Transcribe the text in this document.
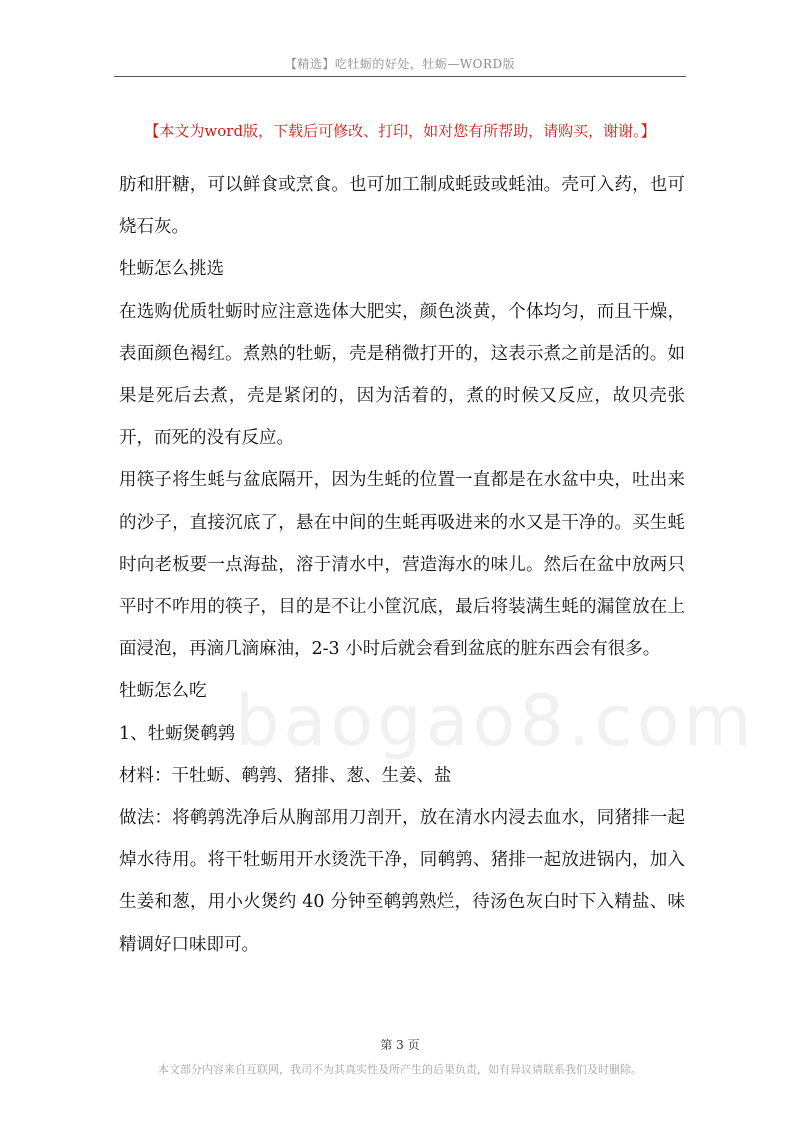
【精选】吃牡蛎的好处，牡蛎—WORD版
【本文为word版，下载后可修改、打印，如对您有所帮助，请购买，谢谢。】

肪和肝糖，可以鲜食或烹食。也可加工制成蚝豉或蚝油。壳可入药，也可烧石灰。

牡蛎怎么挑选

在选购优质牡蛎时应注意选体大肥实，颜色淡黄，个体均匀，而且干燥，表面颜色褐红。煮熟的牡蛎，壳是稍微打开的，这表示煮之前是活的。如果是死后去煮，壳是紧闭的，因为活着的，煮的时候又反应，故贝壳张开，而死的没有反应。

用筷子将生蚝与盆底隔开，因为生蚝的位置一直都是在水盆中央，吐出来的沙子，直接沉底了，悬在中间的生蚝再吸进来的水又是干净的。买生蚝时向老板要一点海盐，溶于清水中，营造海水的味儿。然后在盆中放两只平时不咋用的筷子，目的是不让小筐沉底，最后将装满生蚝的漏筐放在上面浸泡，再滴几滴麻油，2-3 小时后就会看到盆底的脏东西会有很多。

牡蛎怎么吃

1、牡蛎煲鹌鹑

材料：干牡蛎、鹌鹑、猪排、葱、生姜、盐

做法：将鹌鹑洗净后从胸部用刀剖开，放在清水内浸去血水，同猪排一起焯水待用。将干牡蛎用开水烫洗干净，同鹌鹑、猪排一起放进锅内，加入生姜和葱，用小火煲约 40 分钟至鹌鹑熟烂，待汤色灰白时下入精盐、味精调好口味即可。

baogao8.com
第 3 页
本文部分内容来自互联网，我司不为其真实性及所产生的后果负责，如有异议请联系我们及时删除。
